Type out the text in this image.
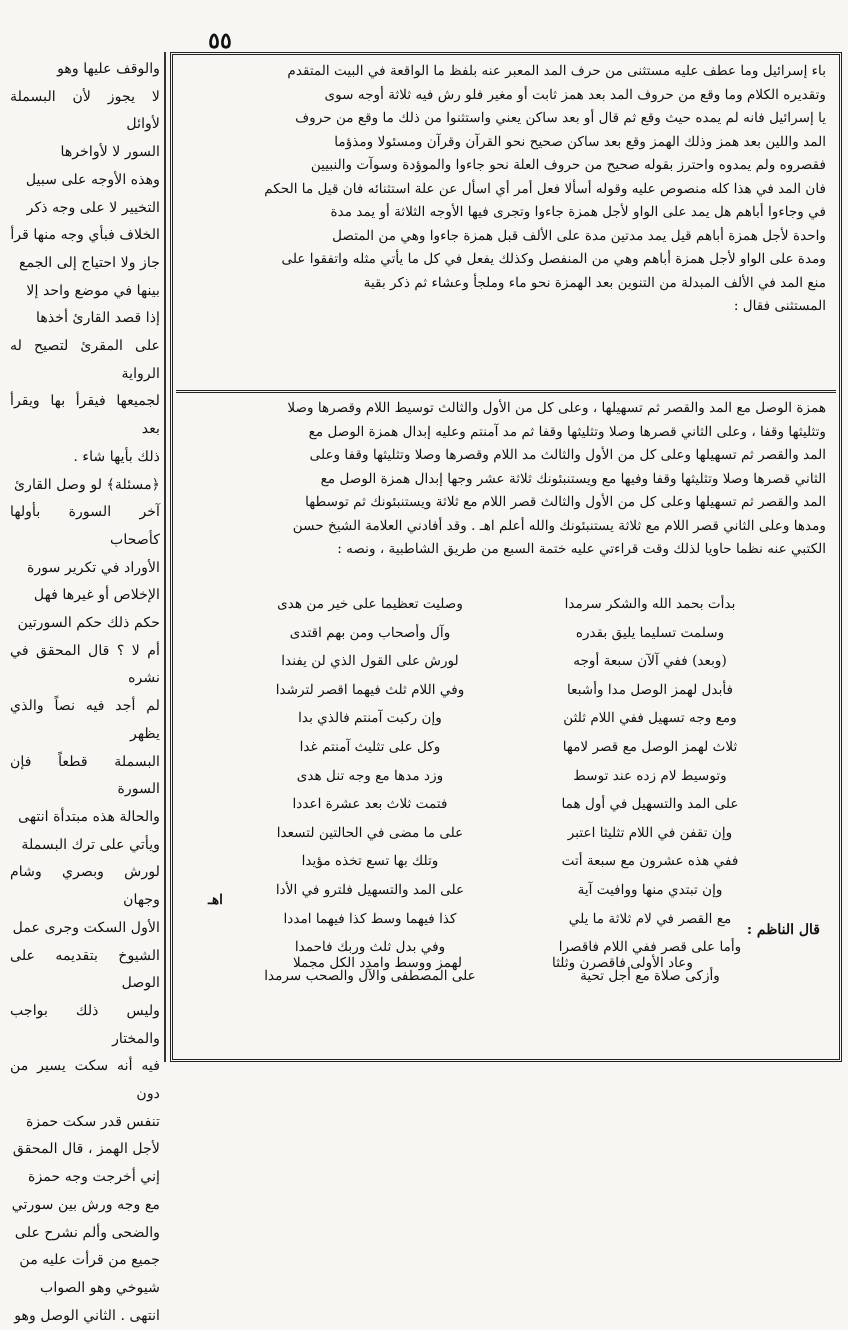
٥٥

والوقف عليها وهو

لا يجوز لأن البسملة لأوائل

السور لا لأواخرها

وهذه الأوجه على سبيل

التخيير لا على وجه ذكر

الخلاف فبأي وجه منها قرأ

جاز ولا احتياج إلى الجمع

بينها في موضع واحد إلا

إذا قصد القارئ أخذها

على المقرئ لتصيح له الرواية

لجميعها فيقرأ بها ويقرأ بعد

ذلك بأيها شاء .

﴿مسئلة﴾ لو وصل القارئ

آخر السورة بأولها كأصحاب

الأوراد في تكرير سورة

الإخلاص أو غيرها فهل

حكم ذلك حكم السورتين

أم لا ؟ قال المحقق في نشره

لم أجد فيه نصاً والذي يظهر

البسملة قطعاً فإن السورة

والحالة هذه مبتدأة انتهى

ويأتي على ترك البسملة

لورش وبصري وشام وجهان

الأول السكت وجرى عمل

الشيوخ بتقديمه على الوصل

وليس ذلك بواجب والمختار

فيه أنه سكت يسير من دون

تنفس قدر سكت حمزة

لأجل الهمز ، قال المحقق

إني أخرجت وجه حمزة

مع وجه ورش بين سورتي

والضحى وألم نشرح على

جميع من قرأت عليه من

شيوخي وهو الصواب

انتهى . الثاني الوصل وهو

باء إسرائيل وما عطف عليه مستثنى من حرف المد المعبر عنه بلفظ ما الواقعة في البيت المتقدم

وتقديره الكلام وما وقع من حروف المد بعد همز ثابت أو مغير فلو رش فيه ثلاثة أوجه سوى

يا إسرائيل فانه لم يمده حيث وقع ثم قال أو بعد ساكن يعني واستثنوا من ذلك ما وقع من حروف

المد واللين بعد همز وذلك الهمز وقع بعد ساكن صحيح نحو القرآن وقرآن ومسئولا ومذؤما

فقصروه ولم يمدوه واحترز بقوله صحيح من حروف العلة نحو جاءوا والموؤدة وسوآت والنبيين

فان المد في هذا كله منصوص عليه وقوله أسألا فعل أمر أي اسأل عن علة استثنائه فان قيل ما الحكم

في وجاءوا أباهم هل يمد على الواو لأجل همزة جاءوا وتجرى فيها الأوجه الثلاثة أو يمد مدة

واحدة لأجل همزة أباهم قيل يمد مدتين مدة على الألف قبل همزة جاءوا وهي من المتصل

ومدة على الواو لأجل همزة أباهم وهي من المنفصل وكذلك يفعل في كل ما يأتي مثله واتفقوا على

منع المد في الألف المبدلة من التنوين بعد الهمزة نحو ماء وملجأ وعشاء ثم ذكر بقية

المستثنى فقال :

همزة الوصل مع المد والقصر ثم تسهيلها ، وعلى كل من الأول والثالث توسيط اللام وقصرها وصلا

وتثليثها وقفا ، وعلى الثاني قصرها وصلا وتثليثها وقفا ثم مد آمنتم وعليه إبدال همزة الوصل مع

المد والقصر ثم تسهيلها وعلى كل من الأول والثالث مد اللام وقصرها وصلا وتثليثها وقفا وعلى

الثاني قصرها وصلا وتثليثها وقفا وفيها مع ويستنبئونك ثلاثة عشر وجها إبدال همزة الوصل مع

المد والقصر ثم تسهيلها وعلى كل من الأول والثالث قصر اللام مع ثلاثة ويستنبئونك ثم توسطها

ومدها وعلى الثاني قصر اللام مع ثلاثة يستنبئونك والله أعلم اهـ . وقد أفادني العلامة الشيخ حسن

الكتبي عنه نظما حاويا لذلك وقت قراءتي عليه ختمة السبع من طريق الشاطبية ، ونصه :

بدأت بحمد الله والشكر سرمدا
وصليت تعظيما على خير من هدى
وسلمت تسليما يليق بقدره
وآل وأصحاب ومن بهم اقتدى
(وبعد) ففي آلآن سبعة أوجه
لورش على القول الذي لن يفندا
فأبدل لهمز الوصل مدا وأشبعا
وفي اللام ثلث فيهما اقصر لترشدا
ومع وجه تسهيل ففي اللام ثلثن
وإن ركبت آمنتم فالذي بدا
ثلاث لهمز الوصل مع قصر لامها
وكل على تثليث آمنتم غدا
وتوسيط لام زده عند توسط
وزد مدها مع وجه تنل هدى
على المد والتسهيل في أول هما
فتمت ثلاث بعد عشرة اعددا
وإن تقفن في اللام تثليثا اعتبر
على ما مضى في الحالتين لتسعدا
ففي هذه عشرون مع سبعة أتت
وتلك بها تسع تخذه مؤيدا
وإن تبتدي منها ووافيت آية
على المد والتسهيل فلترو في الأدا
مع القصر في لام ثلاثة ما يلي
كذا فيهما وسط كذا فيهما امددا
وأما على قصر ففي اللام فاقصرا
وفي بدل ثلث وربك فاحمدا
وأزكى صلاة مع أجل تحية
على المصطفى والآل والصحب سرمدا
اهـ
قال الناظم :
وعاد الأولى فاقصرن وثلثا
لهمز ووسط وامدد الكل مجملا
